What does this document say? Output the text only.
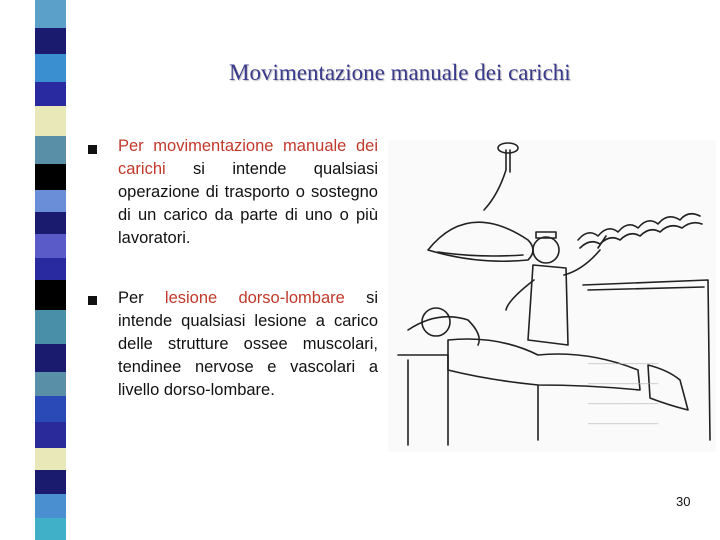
Movimentazione manuale dei carichi
Per movimentazione manuale dei carichi si intende qualsiasi operazione di trasporto o sostegno di un carico da parte di uno o più lavoratori.
Per lesione dorso-lombare si intende qualsiasi lesione a carico delle strutture ossee muscolari, tendinee nervose e vascolari a livello dorso-lombare.
______________
______________
______________
______________
30
